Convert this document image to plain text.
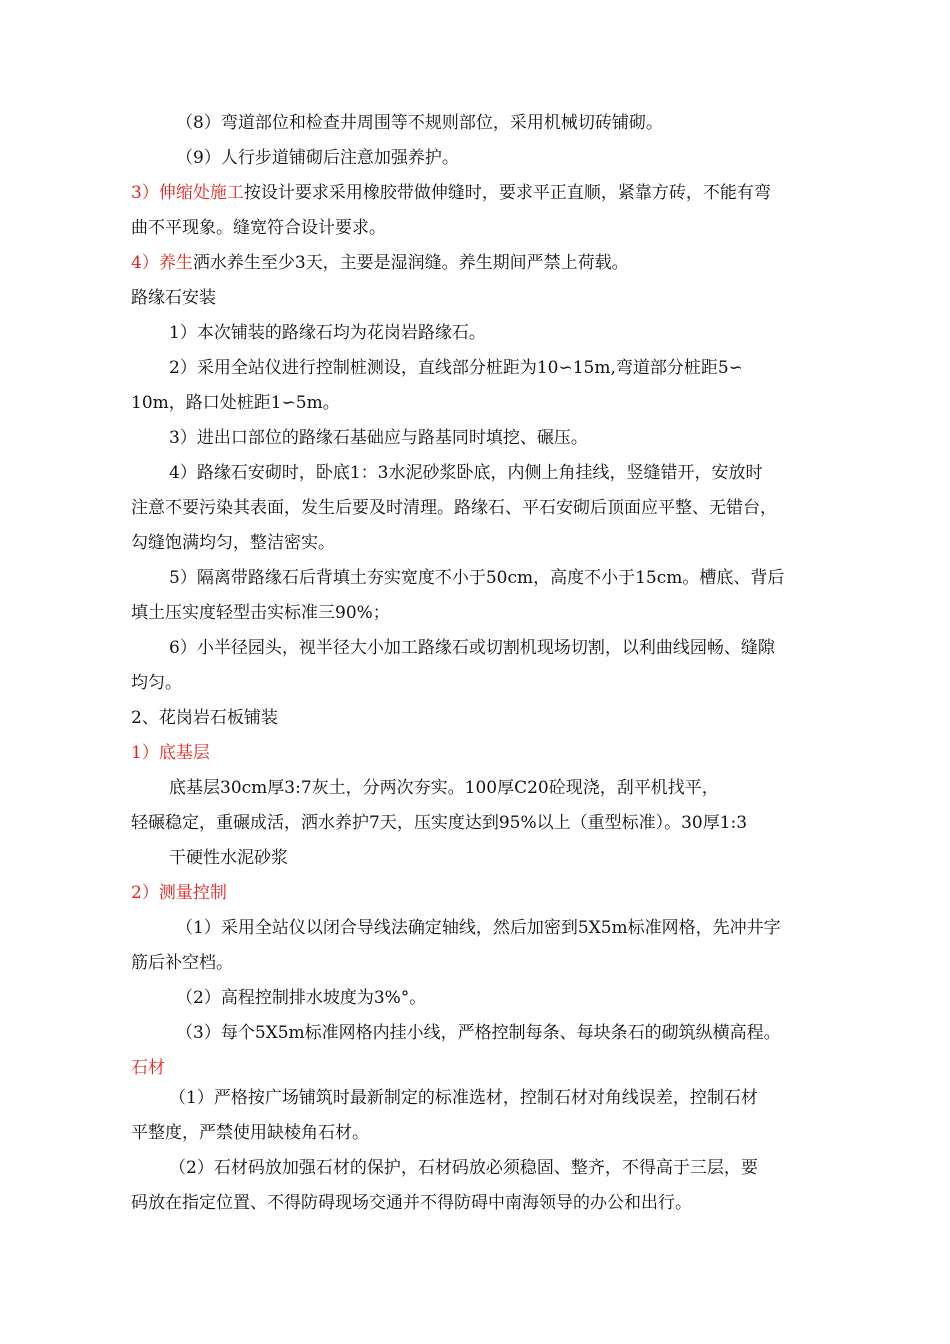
（8）弯道部位和检查井周围等不规则部位，采用机械切砖铺砌。
（9）人行步道铺砌后注意加强养护。
3）伸缩处施工按设计要求采用橡胶带做伸缝时，要求平正直顺，紧靠方砖，不能有弯
曲不平现象。缝宽符合设计要求。
4）养生洒水养生至少3天，主要是湿润缝。养生期间严禁上荷载。
路缘石安装
1）本次铺装的路缘石均为花岗岩路缘石。
2）采用全站仪进行控制桩测设，直线部分桩距为10∽15m,弯道部分桩距5∽
10m，路口处桩距1∽5m。
3）进出口部位的路缘石基础应与路基同时填挖、碾压。
4）路缘石安砌时，卧底1：3水泥砂浆卧底，内侧上角挂线，竖缝错开，安放时
注意不要污染其表面，发生后要及时清理。路缘石、平石安砌后顶面应平整、无错台，
勾缝饱满均匀，整洁密实。
5）隔离带路缘石后背填土夯实宽度不小于50cm，高度不小于15cm。槽底、背后
填土压实度轻型击实标准三90%；
6）小半径园头，视半径大小加工路缘石或切割机现场切割，以利曲线园畅、缝隙
均匀。
2、花岗岩石板铺装
1）底基层
底基层30cm厚3:7灰土，分两次夯实。100厚C20砼现浇，刮平机找平，
轻碾稳定，重碾成活，洒水养护7天，压实度达到95%以上（重型标准）。30厚1:3
干硬性水泥砂浆
2）测量控制
（1）采用全站仪以闭合导线法确定轴线，然后加密到5X5m标准网格，先冲井字
筋后补空档。
（2）高程控制排水坡度为3%°。
（3）每个5X5m标准网格内挂小线，严格控制每条、每块条石的砌筑纵横高程。
石材
（1）严格按广场铺筑时最新制定的标准选材，控制石材对角线误差，控制石材
平整度，严禁使用缺棱角石材。
（2）石材码放加强石材的保护，石材码放必须稳固、整齐，不得高于三层，要
码放在指定位置、不得防碍现场交通并不得防碍中南海领导的办公和出行。
